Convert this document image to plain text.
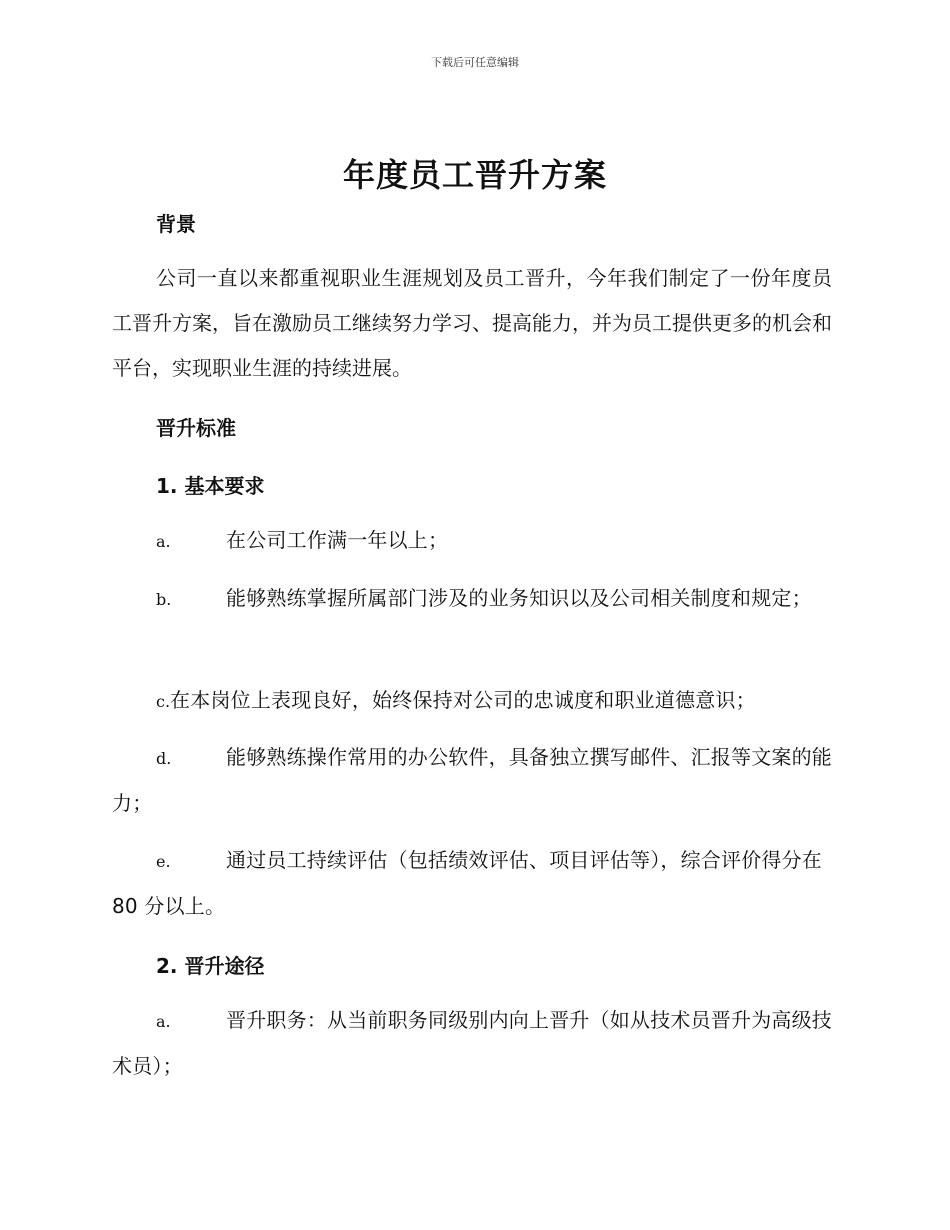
下载后可任意编辑
年度员工晋升方案
背景
公司一直以来都重视职业生涯规划及员工晋升，今年我们制定了一份年度员工晋升方案，旨在激励员工继续努力学习、提高能力，并为员工提供更多的机会和平台，实现职业生涯的持续进展。
晋升标准
1. 基本要求
a.	在公司工作满一年以上；
b.	能够熟练掌握所属部门涉及的业务知识以及公司相关制度和规定；
c.在本岗位上表现良好，始终保持对公司的忠诚度和职业道德意识；
d.	能够熟练操作常用的办公软件，具备独立撰写邮件、汇报等文案的能力；
e.	通过员工持续评估（包括绩效评估、项目评估等），综合评价得分在 80 分以上。
2. 晋升途径
a.	晋升职务：从当前职务同级别内向上晋升（如从技术员晋升为高级技术员）；
